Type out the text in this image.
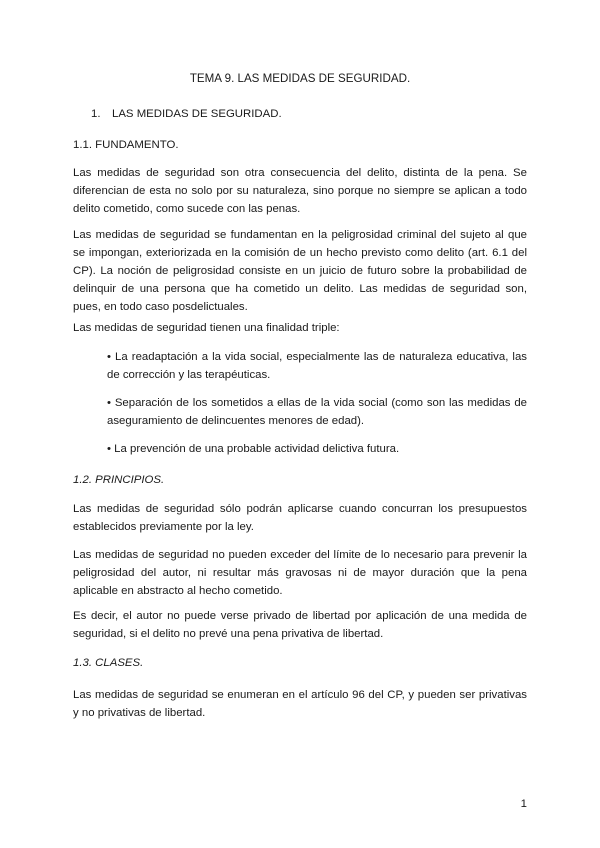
TEMA 9. LAS MEDIDAS DE SEGURIDAD.
1. LAS MEDIDAS DE SEGURIDAD.
1.1. FUNDAMENTO.

Las medidas de seguridad son otra consecuencia del delito, distinta de la pena. Se diferencian de esta no solo por su naturaleza, sino porque no siempre se aplican a todo delito cometido, como sucede con las penas.

Las medidas de seguridad se fundamentan en la peligrosidad criminal del sujeto al que se impongan, exteriorizada en la comisión de un hecho previsto como delito (art. 6.1 del CP). La noción de peligrosidad consiste en un juicio de futuro sobre la probabilidad de delinquir de una persona que ha cometido un delito. Las medidas de seguridad son, pues, en todo caso posdelictuales.

Las medidas de seguridad tienen una finalidad triple:

• La readaptación a la vida social, especialmente las de naturaleza educativa, las de corrección y las terapéuticas.

• Separación de los sometidos a ellas de la vida social (como son las medidas de aseguramiento de delincuentes menores de edad).

• La prevención de una probable actividad delictiva futura.

1.2. PRINCIPIOS.

Las medidas de seguridad sólo podrán aplicarse cuando concurran los presupuestos establecidos previamente por la ley.

Las medidas de seguridad no pueden exceder del límite de lo necesario para prevenir la peligrosidad del autor, ni resultar más gravosas ni de mayor duración que la pena aplicable en abstracto al hecho cometido.

Es decir, el autor no puede verse privado de libertad por aplicación de una medida de seguridad, si el delito no prevé una pena privativa de libertad.

1.3. CLASES.

Las medidas de seguridad se enumeran en el artículo 96 del CP, y pueden ser privativas y no privativas de libertad.

1
